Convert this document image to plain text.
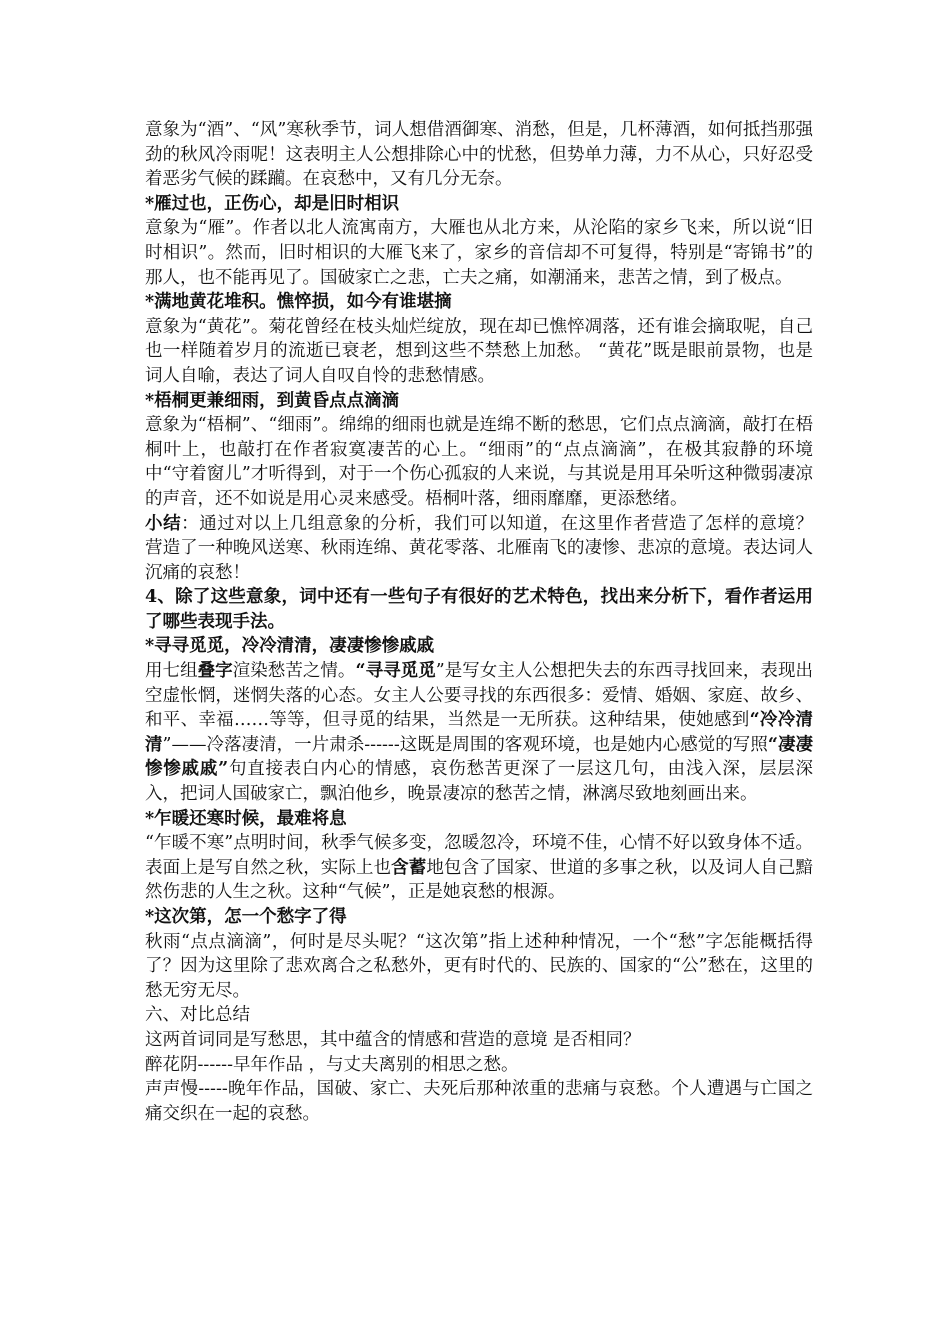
意象为“酒”、“风”寒秋季节，词人想借酒御寒、消愁，但是，几杯薄酒，如何抵挡那强劲的秋风冷雨呢！这表明主人公想排除心中的忧愁，但势单力薄，力不从心，只好忍受着恶劣气候的蹂躏。在哀愁中，又有几分无奈。

*雁过也，正伤心，却是旧时相识

意象为“雁”。作者以北人流寓南方，大雁也从北方来，从沦陷的家乡飞来，所以说“旧时相识”。然而，旧时相识的大雁飞来了，家乡的音信却不可复得，特别是“寄锦书”的那人，也不能再见了。国破家亡之悲，亡夫之痛，如潮涌来，悲苦之情，到了极点。

*满地黄花堆积。憔悴损，如今有谁堪摘

意象为“黄花”。菊花曾经在枝头灿烂绽放，现在却已憔悴凋落，还有谁会摘取呢，自己也一样随着岁月的流逝已衰老，想到这些不禁愁上加愁。 “黄花”既是眼前景物，也是词人自喻，表达了词人自叹自怜的悲愁情感。

*梧桐更兼细雨，到黄昏点点滴滴

意象为“梧桐”、“细雨”。绵绵的细雨也就是连绵不断的愁思，它们点点滴滴，敲打在梧桐叶上，也敲打在作者寂寞凄苦的心上。“细雨”的“点点滴滴”，在极其寂静的环境中“守着窗儿”才听得到，对于一个伤心孤寂的人来说，与其说是用耳朵听这种微弱凄凉的声音，还不如说是用心灵来感受。梧桐叶落，细雨靡靡，更添愁绪。

小结：通过对以上几组意象的分析，我们可以知道，在这里作者营造了怎样的意境？ 营造了一种晚风送寒、秋雨连绵、黄花零落、北雁南飞的凄惨、悲凉的意境。表达词人沉痛的哀愁！

4、除了这些意象，词中还有一些句子有很好的艺术特色，找出来分析下，看作者运用了哪些表现手法。

*寻寻觅觅，冷冷清清，凄凄惨惨戚戚

用七组叠字渲染愁苦之情。“寻寻觅觅”是写女主人公想把失去的东西寻找回来，表现出空虚怅惘，迷惘失落的心态。女主人公要寻找的东西很多：爱情、婚姻、家庭、故乡、和平、幸福……等等，但寻觅的结果，当然是一无所获。这种结果，使她感到“冷冷清清”——冷落凄清，一片肃杀------这既是周围的客观环境，也是她内心感觉的写照“凄凄惨惨戚戚”句直接表白内心的情感，哀伤愁苦更深了一层这几句，由浅入深，层层深入，把词人国破家亡，飘泊他乡，晚景凄凉的愁苦之情，淋漓尽致地刻画出来。

*乍暖还寒时候，最难将息

“乍暖不寒”点明时间，秋季气候多变，忽暖忽冷，环境不佳，心情不好以致身体不适。表面上是写自然之秋，实际上也含蓄地包含了国家、世道的多事之秋，以及词人自己黯然伤悲的人生之秋。这种“气候”，正是她哀愁的根源。

*这次第，怎一个愁字了得

秋雨“点点滴滴”，何时是尽头呢？“这次第”指上述种种情况，一个“愁”字怎能概括得了？因为这里除了悲欢离合之私愁外，更有时代的、民族的、国家的“公”愁在，这里的愁无穷无尽。

六、对比总结

这两首词同是写愁思，其中蕴含的情感和营造的意境 是否相同？

醉花阴------早年作品 ，与丈夫离别的相思之愁。

声声慢-----晚年作品，国破、家亡、夫死后那种浓重的悲痛与哀愁。个人遭遇与亡国之痛交织在一起的哀愁。
